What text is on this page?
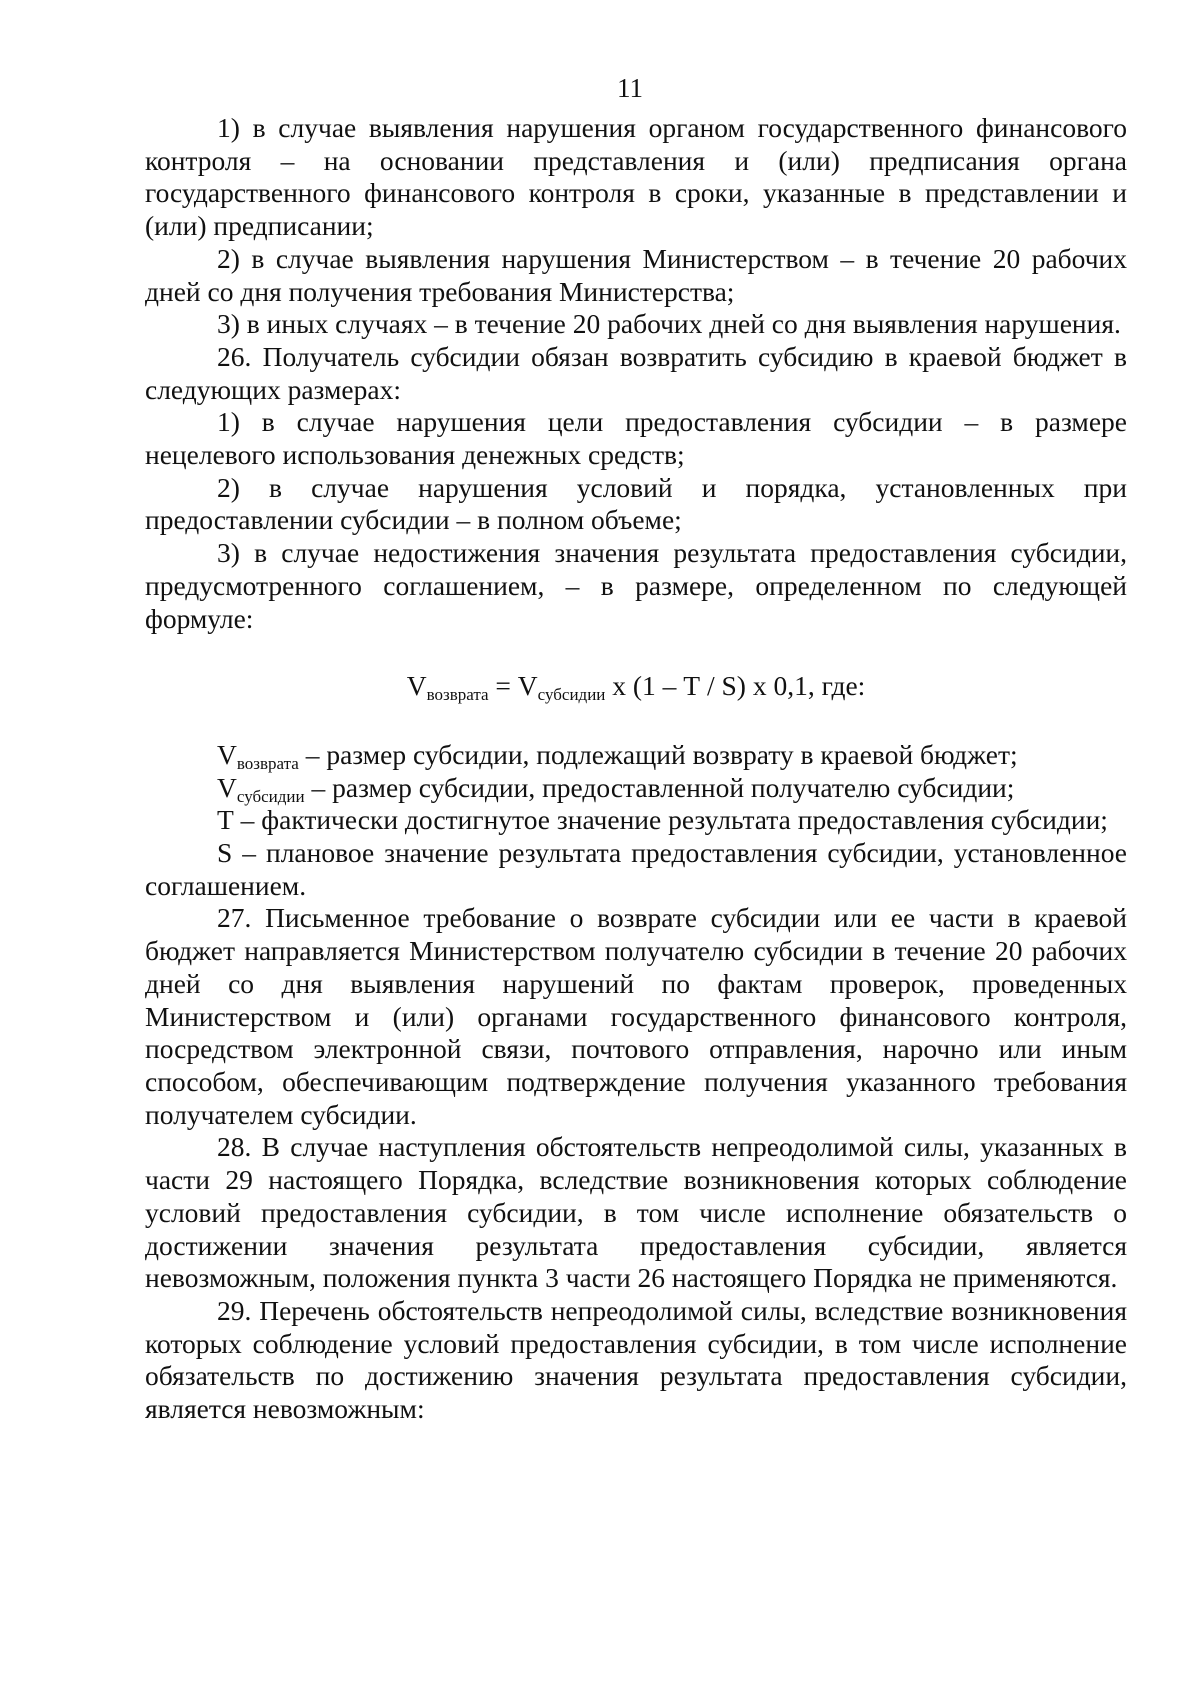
11

1) в случае выявления нарушения органом государственного финансового контроля – на основании представления и (или) предписания органа государственного финансового контроля в сроки, указанные в представлении и (или) предписании;

2) в случае выявления нарушения Министерством – в течение 20 рабочих дней со дня получения требования Министерства;

3) в иных случаях – в течение 20 рабочих дней со дня выявления нарушения.

26. Получатель субсидии обязан возвратить субсидию в краевой бюджет в следующих размерах:

1) в случае нарушения цели предоставления субсидии – в размере нецелевого использования денежных средств;

2) в случае нарушения условий и порядка, установленных при предоставлении субсидии – в полном объеме;

3) в случае недостижения значения результата предоставления субсидии, предусмотренного соглашением, – в размере, определенном по следующей формуле:

$V_{возврата} = V_{субсидии}$ х (1 – Т / S) х 0,1, где:

$V_{возврата}$ – размер субсидии, подлежащий возврату в краевой бюджет;

$V_{субсидии}$ – размер субсидии, предоставленной получателю субсидии;

Т – фактически достигнутое значение результата предоставления субсидии;

S – плановое значение результата предоставления субсидии, установленное соглашением.

27. Письменное требование о возврате субсидии или ее части в краевой бюджет направляется Министерством получателю субсидии в течение 20 рабочих дней со дня выявления нарушений по фактам проверок, проведенных Министерством и (или) органами государственного финансового контроля, посредством электронной связи, почтового отправления, нарочно или иным способом, обеспечивающим подтверждение получения указанного требования получателем субсидии.

28. В случае наступления обстоятельств непреодолимой силы, указанных в части 29 настоящего Порядка, вследствие возникновения которых соблюдение условий предоставления субсидии, в том числе исполнение обязательств о достижении значения результата предоставления субсидии, является невозможным, положения пункта 3 части 26 настоящего Порядка не применяются.

29. Перечень обстоятельств непреодолимой силы, вследствие возникновения которых соблюдение условий предоставления субсидии, в том числе исполнение обязательств по достижению значения результата предоставления субсидии, является невозможным:
